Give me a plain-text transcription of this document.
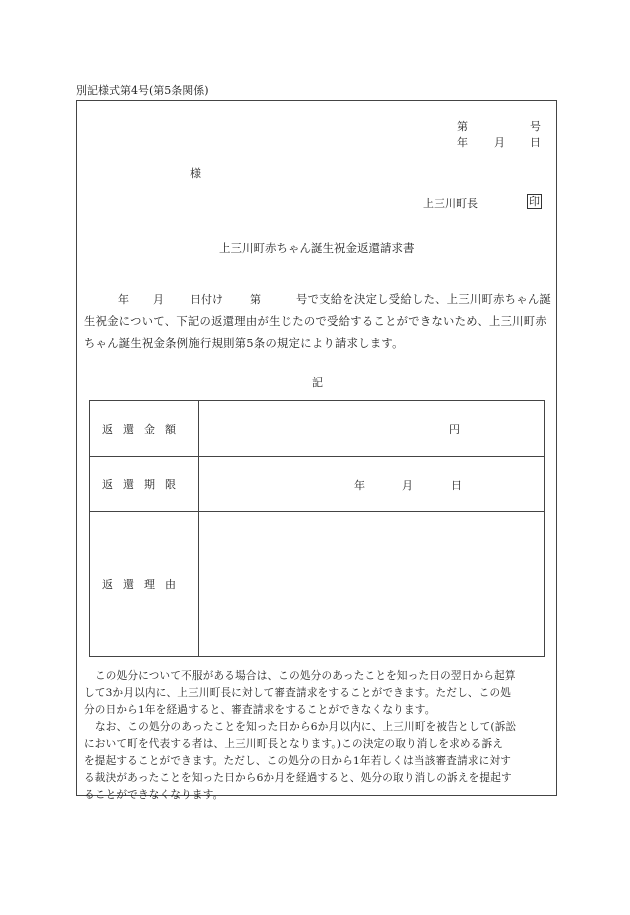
別記様式第4号(第5条関係)
第	号
年 月 日
様
上三川町長	印
上三川町赤ちゃん誕生祝金返還請求書
年 月 日付け 第	号で支給を決定し受給した、上三川町赤ちゃん誕
生祝金について、下記の返還理由が生じたので受給することができないため、上三川町赤
ちゃん誕生祝金条例施行規則第5条の規定により請求します。
記
返還金額	円

返還期限	年 月 日

返還理由	
この処分について不服がある場合は、この処分のあったことを知った日の翌日から起算
して3か月以内に、上三川町長に対して審査請求をすることができます。ただし、この処
分の日から1年を経過すると、審査請求をすることができなくなります。
なお、この処分のあったことを知った日から6か月以内に、上三川町を被告として(訴訟
において町を代表する者は、上三川町長となります。)この決定の取り消しを求める訴え
を提起することができます。ただし、この処分の日から1年若しくは当該審査請求に対す
る裁決があったことを知った日から6か月を経過すると、処分の取り消しの訴えを提起す
ることができなくなります。
